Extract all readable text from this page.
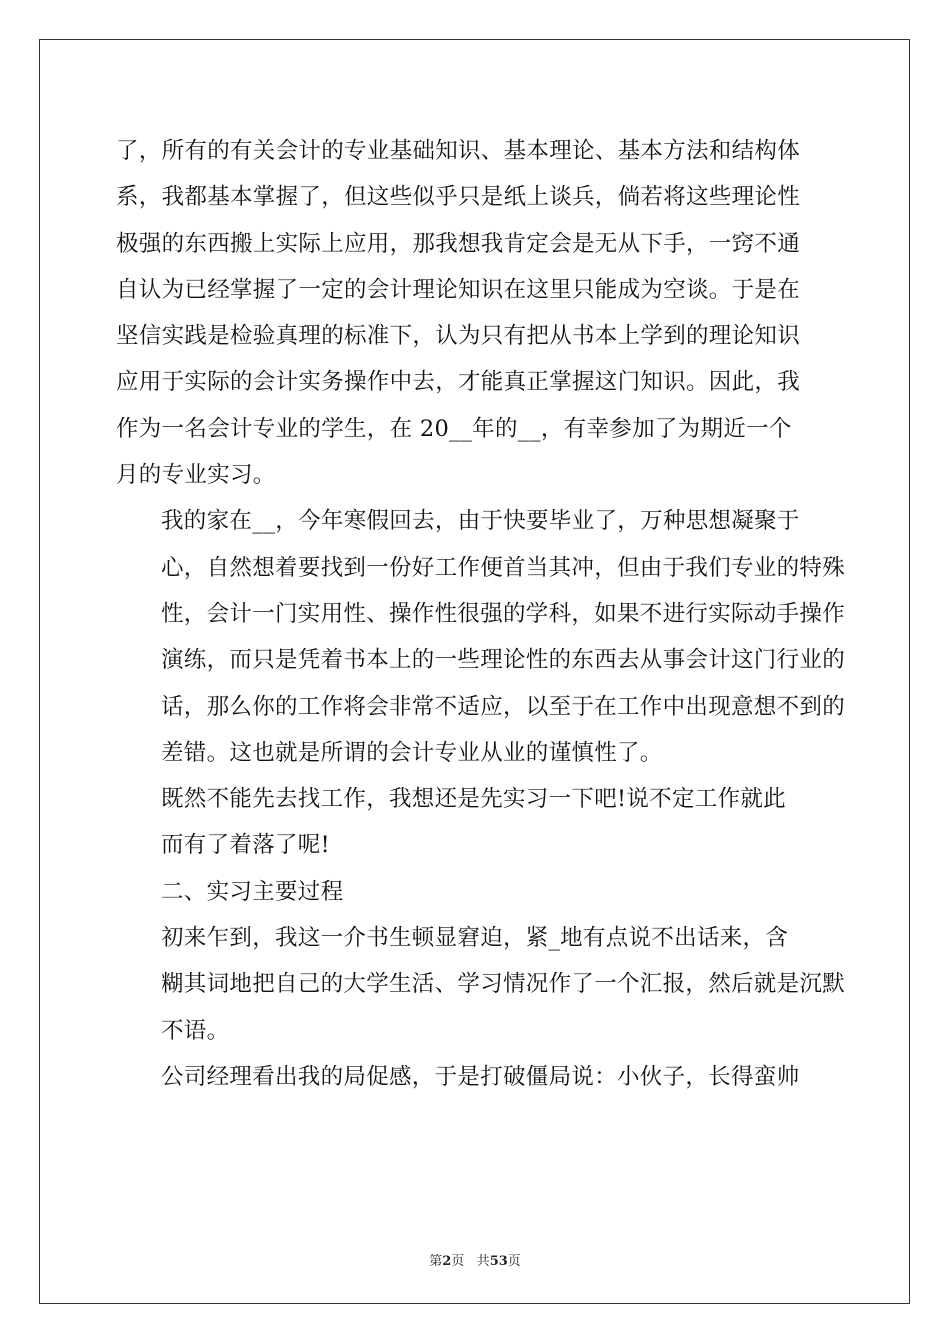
了，所有的有关会计的专业基础知识、基本理论、基本方法和结构体
系，我都基本掌握了，但这些似乎只是纸上谈兵，倘若将这些理论性
极强的东西搬上实际上应用，那我想我肯定会是无从下手，一窍不通
自认为已经掌握了一定的会计理论知识在这里只能成为空谈。于是在
坚信实践是检验真理的标准下，认为只有把从书本上学到的理论知识
应用于实际的会计实务操作中去，才能真正掌握这门知识。因此，我
作为一名会计专业的学生，在 20__年的__，有幸参加了为期近一个
月的专业实习。

我的家在__，今年寒假回去，由于快要毕业了，万种思想凝聚于
心，自然想着要找到一份好工作便首当其冲，但由于我们专业的特殊
性，会计一门实用性、操作性很强的学科，如果不进行实际动手操作
演练，而只是凭着书本上的一些理论性的东西去从事会计这门行业的
话，那么你的工作将会非常不适应，以至于在工作中出现意想不到的
差错。这也就是所谓的会计专业从业的谨慎性了。

既然不能先去找工作，我想还是先实习一下吧!说不定工作就此
而有了着落了呢!

二、实习主要过程

初来乍到，我这一介书生顿显窘迫，紧_地有点说不出话来，含
糊其词地把自己的大学生活、学习情况作了一个汇报，然后就是沉默
不语。

公司经理看出我的局促感，于是打破僵局说：小伙子，长得蛮帅

第2页 共53页
